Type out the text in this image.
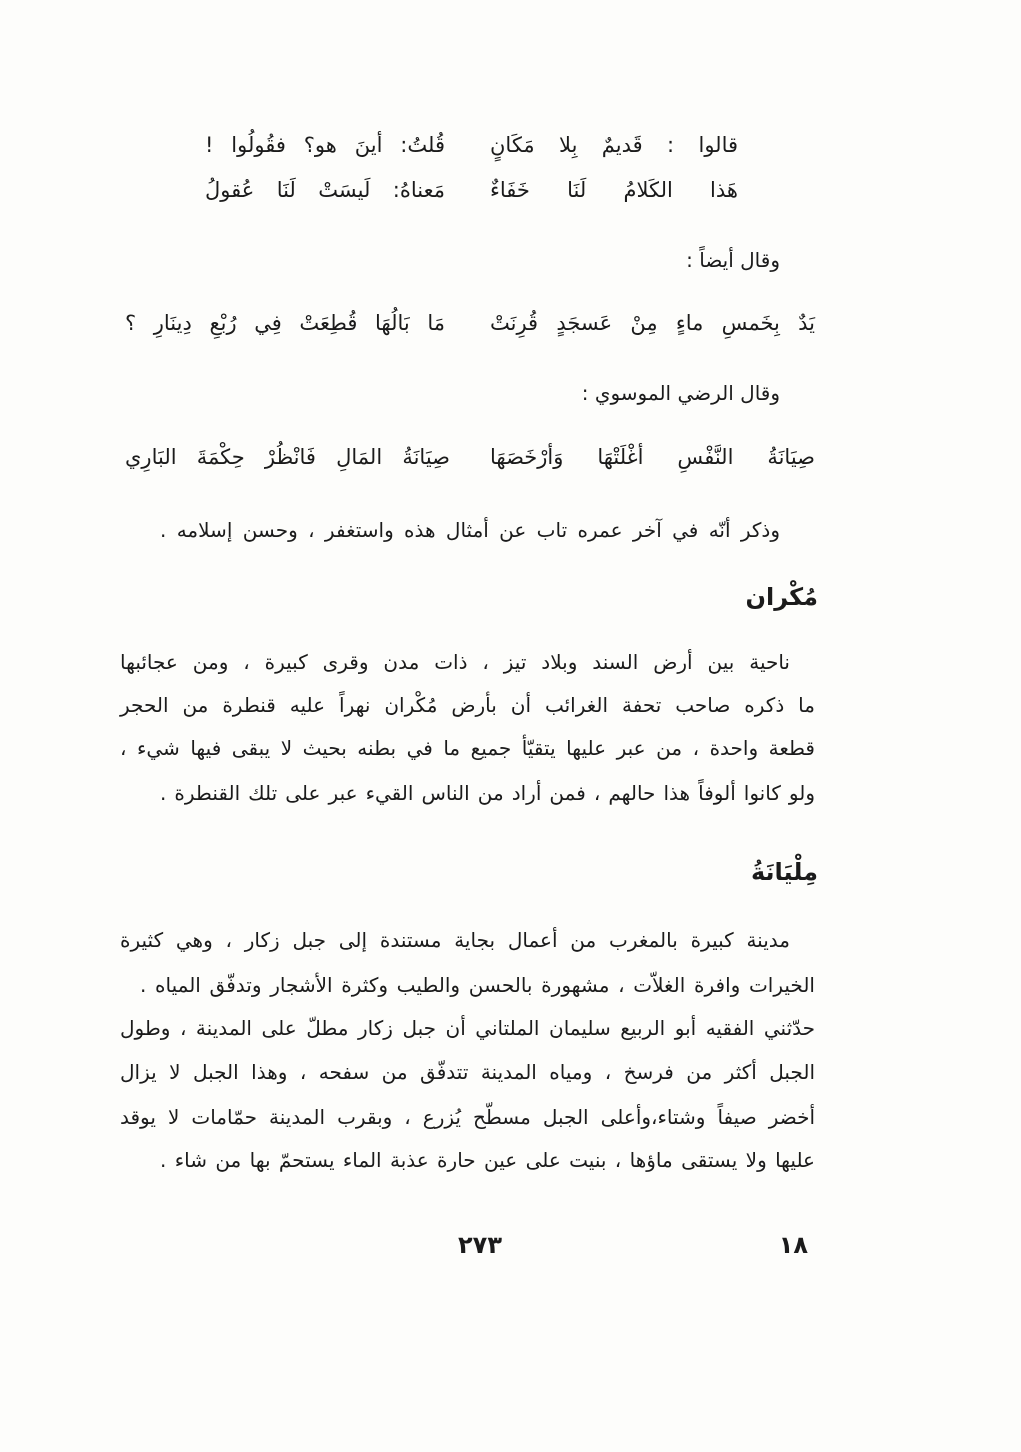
قالوا : قَديمٌ بِلا مَكَانٍ
قُلتُ: أينَ هو؟ فقُولُوا !
هَذا الكَلامُ لَنَا خَفَاءٌ
مَعناهُ: لَيسَتْ لَنَا عُقولُ
وقال أيضاً :
يَدٌ بِخَمسِ ماءٍ مِنْ عَسجَدٍ قُرِنَتْ
مَا بَالُهَا قُطِعَتْ فِي رُبْعِ دِينَارِ ؟
وقال الرضي الموسوي :
صِيَانَةُ النَّفْسِ أغْلَتْهَا وَأرْخَصَهَا
صِيَانَةُ المَالِ فَانْظُرْ حِكْمَةَ البَارِي
وذكر أنّه في آخر عمره تاب عن أمثال هذه واستغفر ، وحسن إسلامه .
مُكْران
ناحية بين أرض السند وبلاد تيز ، ذات مدن وقرى كبيرة ، ومن عجائبها
ما ذكره صاحب تحفة الغرائب أن بأرض مُكْران نهراً عليه قنطرة من الحجر
قطعة واحدة ، من عبر عليها يتقيّأ جميع ما في بطنه بحيث لا يبقى فيها شيء ،
ولو كانوا ألوفاً هذا حالهم ، فمن أراد من الناس القيء عبر على تلك القنطرة .
مِلْيَانَةُ
مدينة كبيرة بالمغرب من أعمال بجاية مستندة إلى جبل زكار ، وهي كثيرة
الخيرات وافرة الغلاّت ، مشهورة بالحسن والطيب وكثرة الأشجار وتدفّق المياه .
حدّثني الفقيه أبو الربيع سليمان الملتاني أن جبل زكار مطلّ على المدينة ، وطول
الجبل أكثر من فرسخ ، ومياه المدينة تتدفّق من سفحه ، وهذا الجبل لا يزال
أخضر صيفاً وشتاء،وأعلى الجبل مسطّح يُزرع ، وبقرب المدينة حمّامات لا يوقد
عليها ولا يستقى ماؤها ، بنيت على عين حارة عذبة الماء يستحمّ بها من شاء .
١٨
٢٧٣
